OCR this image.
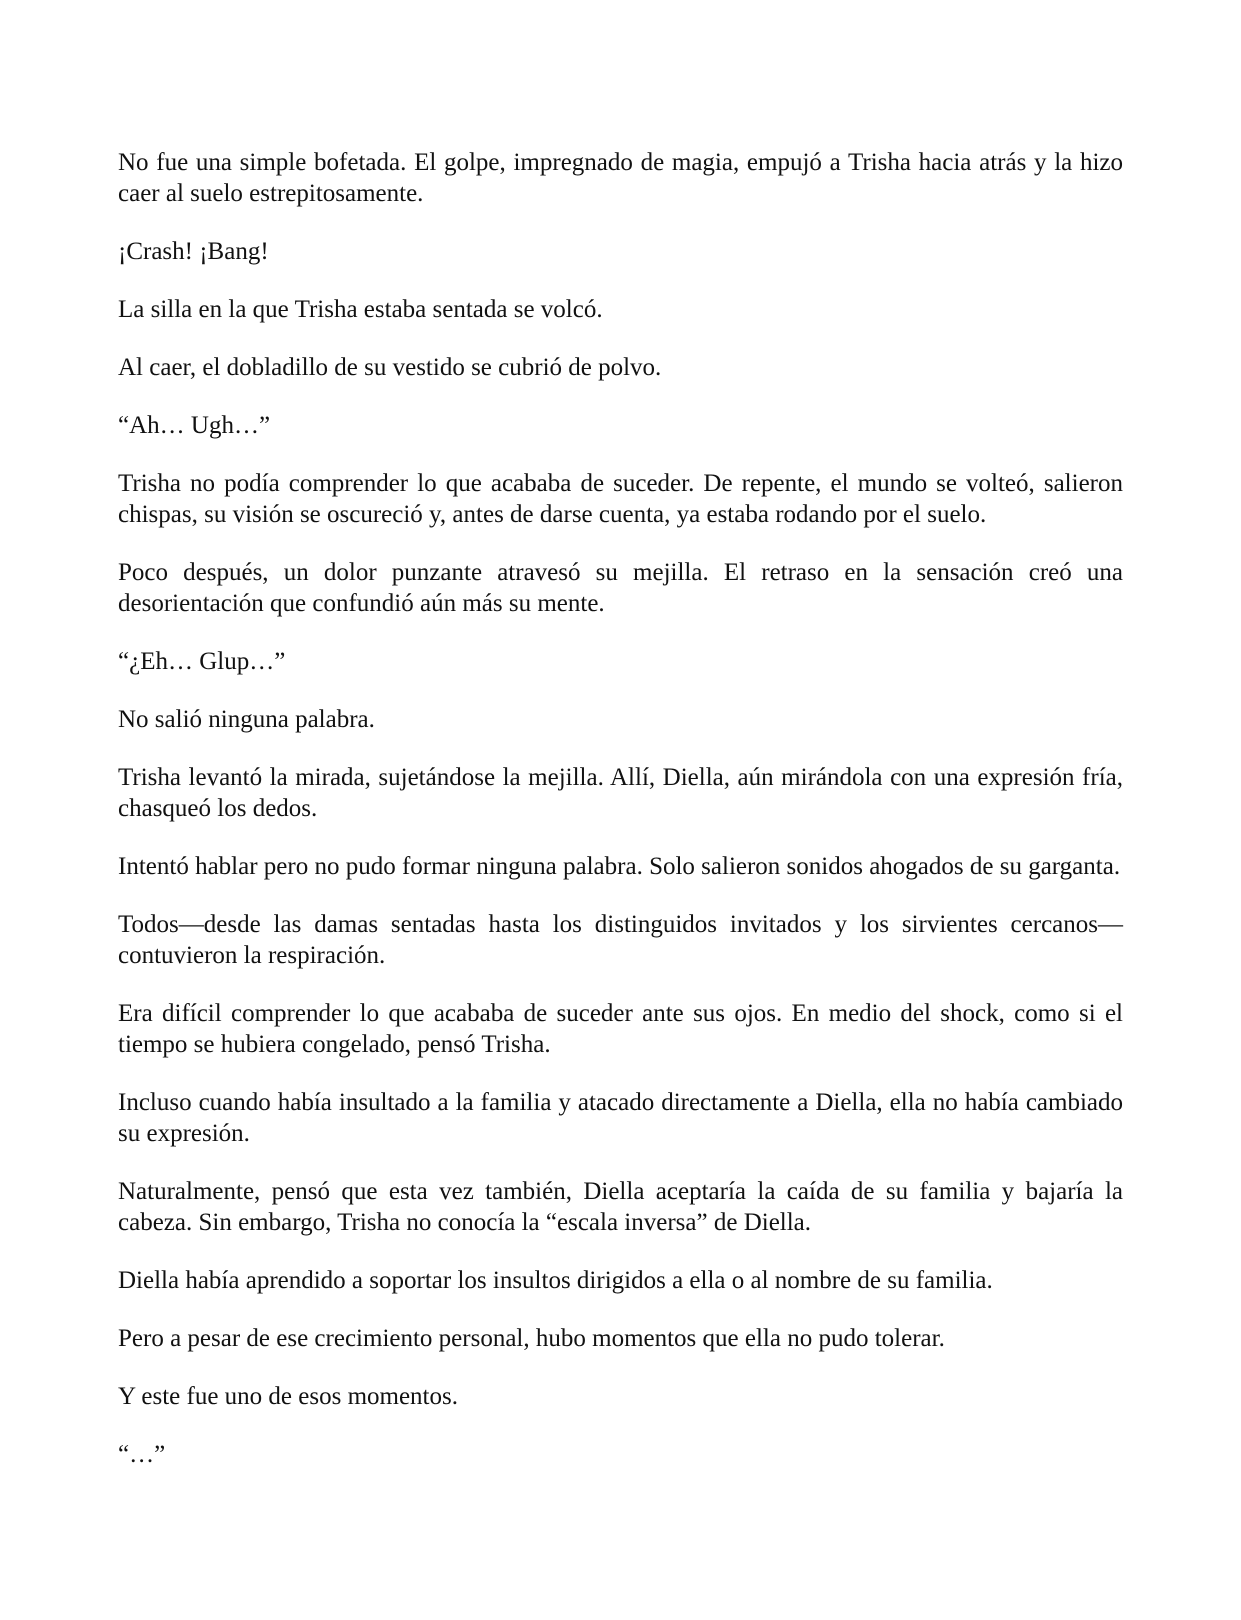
No fue una simple bofetada. El golpe, impregnado de magia, empujó a Trisha hacia atrás y la hizo caer al suelo estrepitosamente.

¡Crash! ¡Bang!

La silla en la que Trisha estaba sentada se volcó.

Al caer, el dobladillo de su vestido se cubrió de polvo.

“Ah… Ugh…”

Trisha no podía comprender lo que acababa de suceder. De repente, el mundo se volteó, salieron chispas, su visión se oscureció y, antes de darse cuenta, ya estaba rodando por el suelo.

Poco después, un dolor punzante atravesó su mejilla. El retraso en la sensación creó una desorientación que confundió aún más su mente.

“¿Eh… Glup…”

No salió ninguna palabra.

Trisha levantó la mirada, sujetándose la mejilla. Allí, Diella, aún mirándola con una expresión fría, chasqueó los dedos.

Intentó hablar pero no pudo formar ninguna palabra. Solo salieron sonidos ahogados de su garganta.

Todos—desde las damas sentadas hasta los distinguidos invitados y los sirvientes cercanos—contuvieron la respiración.

Era difícil comprender lo que acababa de suceder ante sus ojos. En medio del shock, como si el tiempo se hubiera congelado, pensó Trisha.

Incluso cuando había insultado a la familia y atacado directamente a Diella, ella no había cambiado su expresión.

Naturalmente, pensó que esta vez también, Diella aceptaría la caída de su familia y bajaría la cabeza. Sin embargo, Trisha no conocía la “escala inversa” de Diella.

Diella había aprendido a soportar los insultos dirigidos a ella o al nombre de su familia.

Pero a pesar de ese crecimiento personal, hubo momentos que ella no pudo tolerar.

Y este fue uno de esos momentos.

“…”
